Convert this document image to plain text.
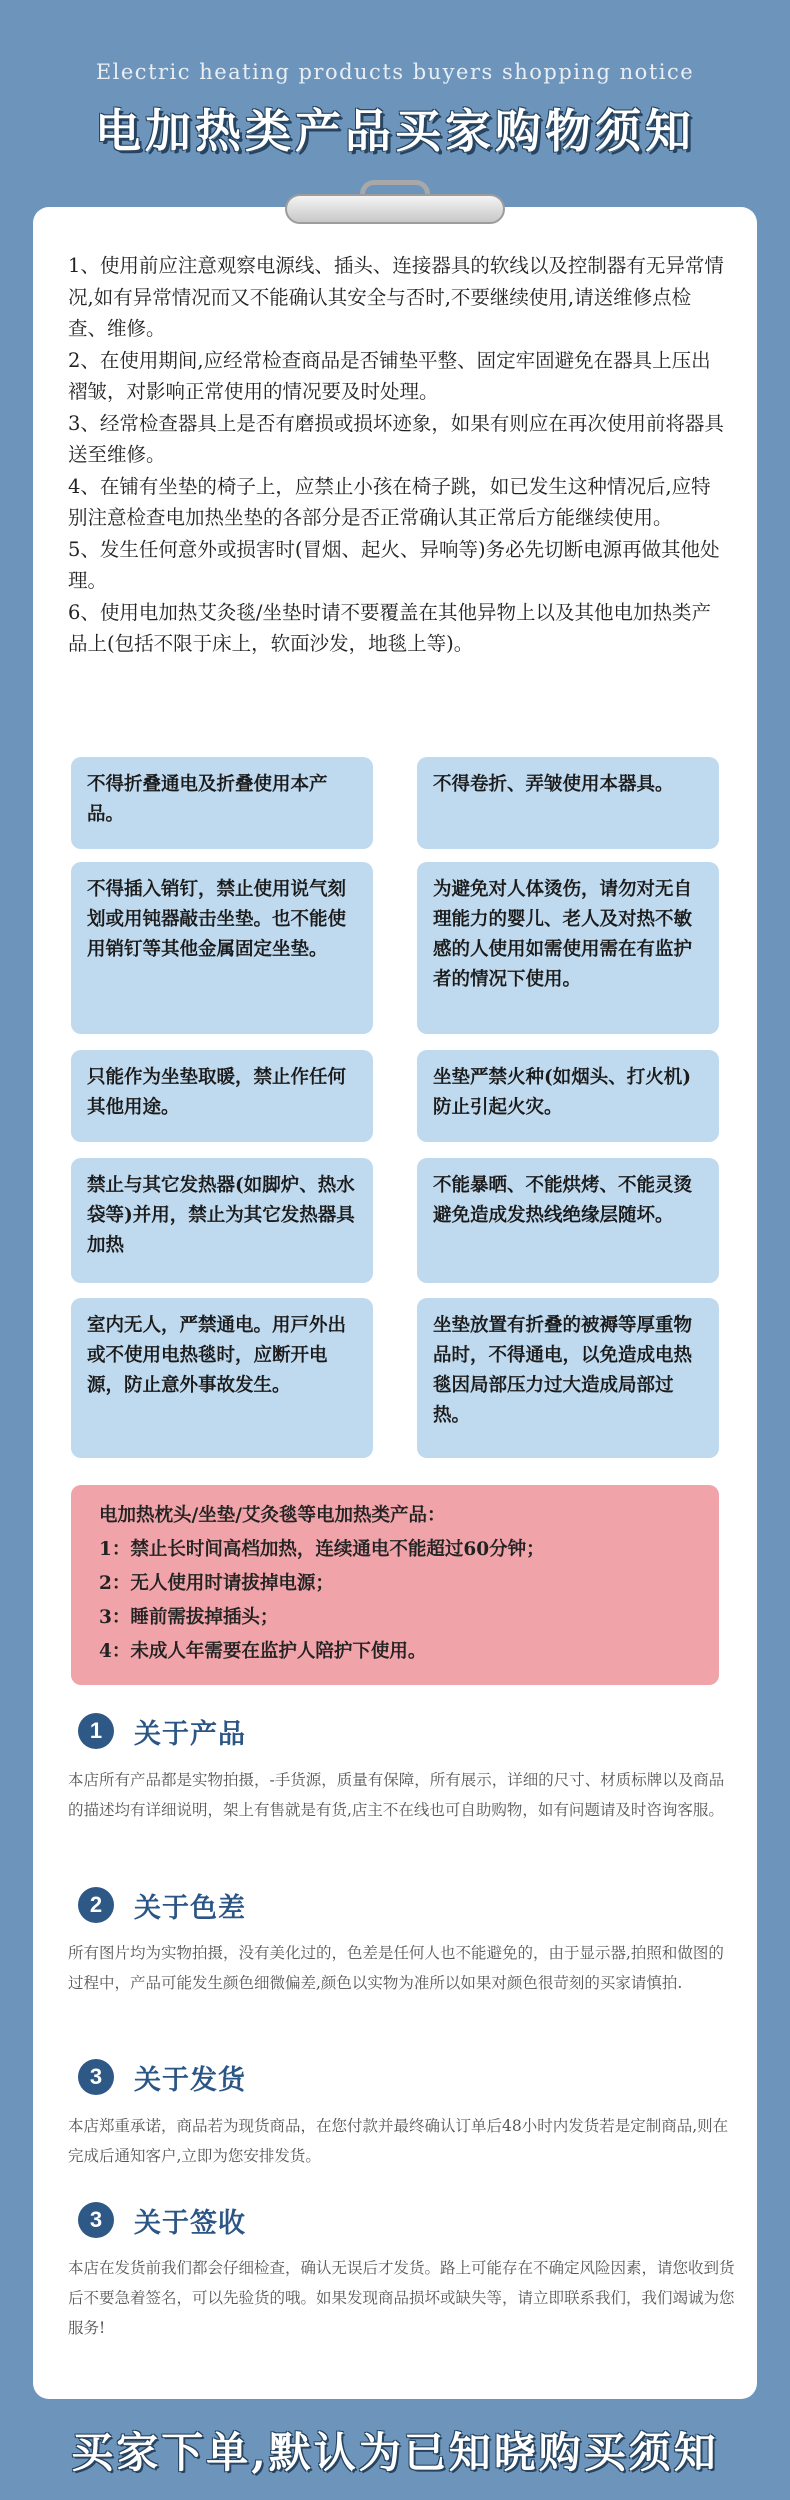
Electric heating products buyers shopping notice
电加热类产品买家购物须知

1、使用前应注意观察电源线、插头、连接器具的软线以及控制器有无异常情况,如有异常情况而又不能确认其安全与否时,不要继续使用,请送维修点检查、维修。

2、在使用期间,应经常检查商品是否铺垫平整、固定牢固避免在器具上压出褶皱，对影响正常使用的情况要及时处理。

3、经常检查器具上是否有磨损或损坏迹象，如果有则应在再次使用前将器具送至维修。

4、在铺有坐垫的椅子上，应禁止小孩在椅子跳，如已发生这种情况后,应特别注意检查电加热坐垫的各部分是否正常确认其正常后方能继续使用。

5、发生任何意外或损害时(冒烟、起火、异响等)务必先切断电源再做其他处理。

6、使用电加热艾灸毯/坐垫时请不要覆盖在其他异物上以及其他电加热类产品上(包括不限于床上，软面沙发，地毯上等)。

不得折叠通电及折叠使用本产品。
不得卷折、弄皱使用本器具。
不得插入销钉，禁止使用说气刻划或用钝器敲击坐垫。也不能使用销钉等其他金属固定坐垫。
为避免对人体烫伤，请勿对无自理能力的婴儿、老人及对热不敏感的人使用如需使用需在有监护者的情况下使用。
只能作为坐垫取暖，禁止作任何其他用途。
坐垫严禁火种(如烟头、打火机)防止引起火灾。
禁止与其它发热器(如脚炉、热水袋等)并用，禁止为其它发热器具加热
不能暴晒、不能烘烤、不能灵烫避免造成发热线绝缘层随坏。
室内无人，严禁通电。用戸外出或不使用电热毯时，应断开电源，防止意外事故发生。
坐垫放置有折叠的被褥等厚重物品时，不得通电，以免造成电热毯因局部压力过大造成局部过热。
电加热枕头/坐垫/艾灸毯等电加热类产品：
1：禁止长时间高档加热，连续通电不能超过60分钟；
2：无人使用时请拔掉电源；
3：睡前需拔掉插头；
4：未成人年需要在监护人陪护下使用。
1	关于产品
本店所有产品都是实物拍摄，-手货源，质量有保障，所有展示，详细的尺寸、材质标牌以及商品的描述均有详细说明，架上有售就是有货,店主不在线也可自助购物，如有问题请及时咨询客服。
2	关于色差
所有图片均为实物拍摄，没有美化过的，色差是任何人也不能避免的，由于显示器,拍照和做图的过程中，产品可能发生颜色细微偏差,颜色以实物为准所以如果对颜色很苛刻的买家请慎拍.
3	关于发货
本店郑重承诺，商品若为现货商品，在您付款并最终确认订单后48小时内发货若是定制商品,则在完成后通知客户,立即为您安排发货。
3	关于签收
本店在发货前我们都会仔细检查，确认无误后才发货。路上可能存在不确定风险因素，请您收到货后不要急着签名，可以先验货的哦。如果发现商品损坏或缺失等，请立即联系我们，我们竭诚为您服务!
买家下单,默认为已知晓购买须知
